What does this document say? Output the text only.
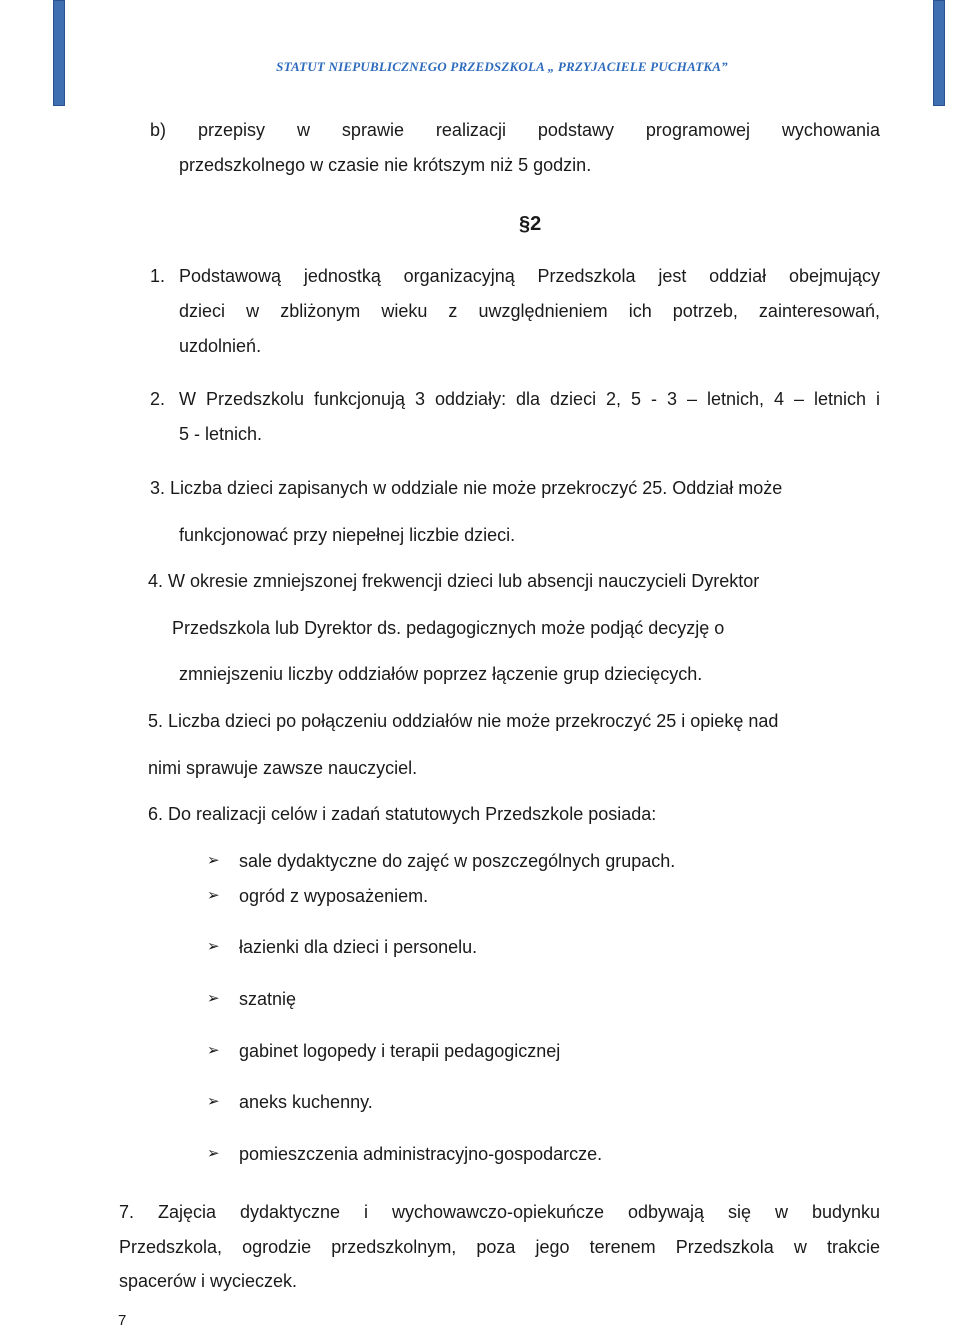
STATUT NIEPUBLICZNEGO PRZEDSZKOLA „ PRZYJACIELE PUCHATKA”
b) przepisy w sprawie realizacji podstawy programowej wychowania
przedszkolnego w czasie nie krótszym niż 5 godzin.
§2
1. Podstawową jednostką organizacyjną Przedszkola jest oddział obejmujący
dzieci w zbliżonym wieku z uwzględnieniem ich potrzeb, zainteresowań,
uzdolnień.
2. W Przedszkolu funkcjonują 3 oddziały: dla dzieci 2, 5 - 3 – letnich, 4 – letnich i
5 - letnich.
3. Liczba dzieci zapisanych w oddziale nie może przekroczyć 25. Oddział może
funkcjonować przy niepełnej liczbie dzieci.
4. W okresie zmniejszonej frekwencji dzieci lub absencji nauczycieli Dyrektor
Przedszkola lub Dyrektor ds. pedagogicznych może podjąć decyzję o
zmniejszeniu liczby oddziałów poprzez łączenie grup dziecięcych.
5. Liczba dzieci po połączeniu oddziałów nie może przekroczyć 25 i opiekę nad
nimi sprawuje zawsze nauczyciel.
6. Do realizacji celów i zadań statutowych Przedszkole posiada:
➢ sale dydaktyczne do zajęć w poszczególnych grupach.
➢ ogród z wyposażeniem.
➢ łazienki dla dzieci i personelu.
➢ szatnię
➢ gabinet logopedy i terapii pedagogicznej
➢ aneks kuchenny.
➢ pomieszczenia administracyjno-gospodarcze.
7. Zajęcia dydaktyczne i wychowawczo-opiekuńcze odbywają się w budynku
Przedszkola, ogrodzie przedszkolnym, poza jego terenem Przedszkola w trakcie
spacerów i wycieczek.
7
